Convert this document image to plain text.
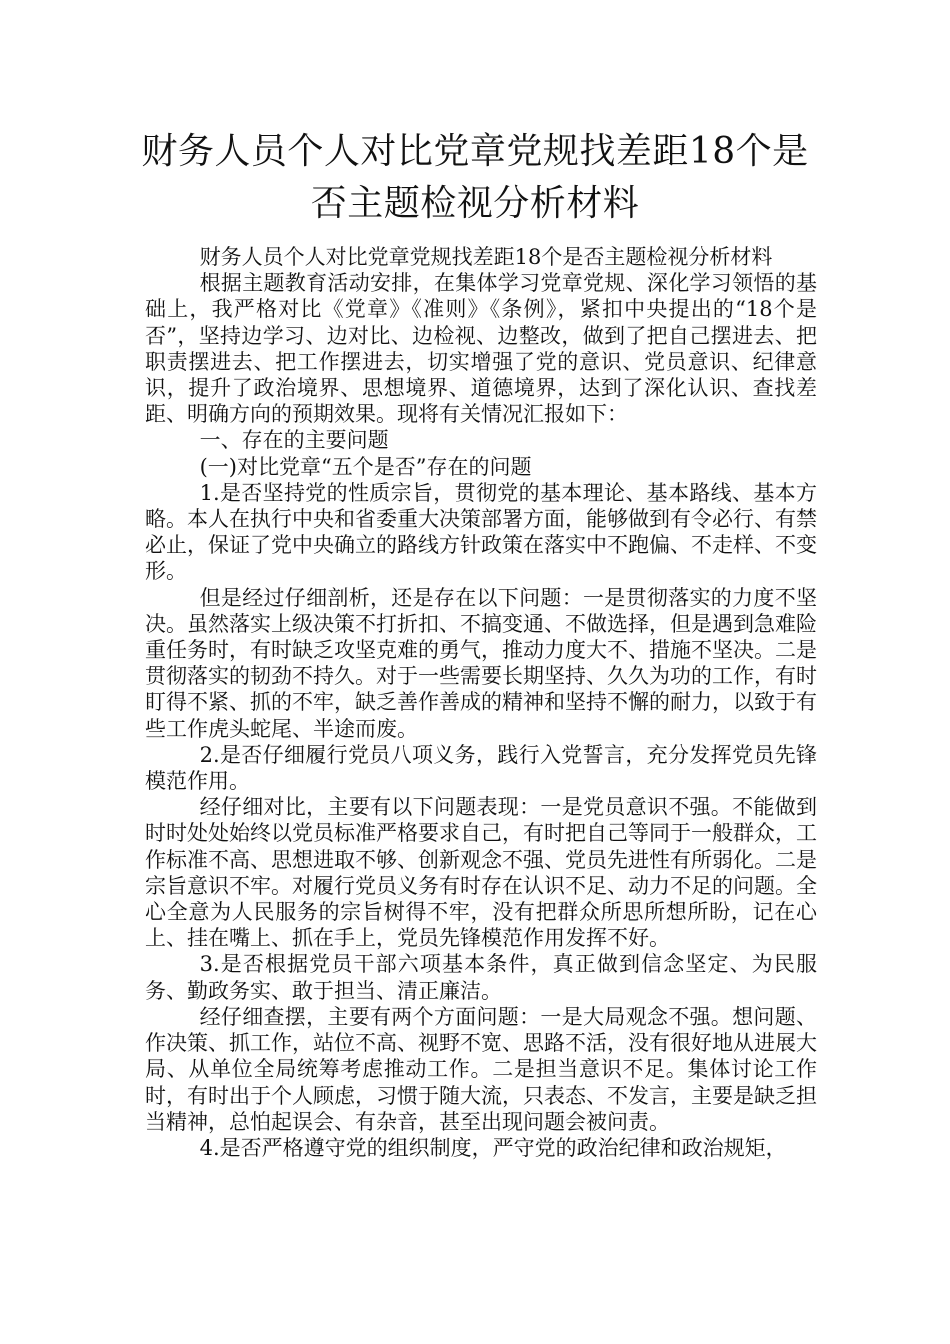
财务人员个人对比党章党规找差距18个是
否主题检视分析材料

财务人员个人对比党章党规找差距18个是否主题检视分析材料

根据主题教育活动安排，在集体学习党章党规、深化学习领悟的基础上，我严格对比《党章》《准则》《条例》，紧扣中央提出的“18个是否”，坚持边学习、边对比、边检视、边整改，做到了把自己摆进去、把职责摆进去、把工作摆进去，切实增强了党的意识、党员意识、纪律意识，提升了政治境界、思想境界、道德境界，达到了深化认识、查找差距、明确方向的预期效果。现将有关情况汇报如下：

一、存在的主要问题

(一)对比党章“五个是否”存在的问题

1.是否坚持党的性质宗旨，贯彻党的基本理论、基本路线、基本方略。本人在执行中央和省委重大决策部署方面，能够做到有令必行、有禁必止，保证了党中央确立的路线方针政策在落实中不跑偏、不走样、不变形。

但是经过仔细剖析，还是存在以下问题：一是贯彻落实的力度不坚决。虽然落实上级决策不打折扣、不搞变通、不做选择，但是遇到急难险重任务时，有时缺乏攻坚克难的勇气，推动力度大不、措施不坚决。二是贯彻落实的韧劲不持久。对于一些需要长期坚持、久久为功的工作，有时盯得不紧、抓的不牢，缺乏善作善成的精神和坚持不懈的耐力，以致于有些工作虎头蛇尾、半途而废。

2.是否仔细履行党员八项义务，践行入党誓言，充分发挥党员先锋模范作用。

经仔细对比，主要有以下问题表现：一是党员意识不强。不能做到时时处处始终以党员标准严格要求自己，有时把自己等同于一般群众，工作标准不高、思想进取不够、创新观念不强、党员先进性有所弱化。二是宗旨意识不牢。对履行党员义务有时存在认识不足、动力不足的问题。全心全意为人民服务的宗旨树得不牢，没有把群众所思所想所盼，记在心上、挂在嘴上、抓在手上，党员先锋模范作用发挥不好。

3.是否根据党员干部六项基本条件，真正做到信念坚定、为民服务、勤政务实、敢于担当、清正廉洁。

经仔细查摆，主要有两个方面问题：一是大局观念不强。想问题、作决策、抓工作，站位不高、视野不宽、思路不活，没有很好地从进展大局、从单位全局统筹考虑推动工作。二是担当意识不足。集体讨论工作时，有时出于个人顾虑，习惯于随大流，只表态、不发言，主要是缺乏担当精神，总怕起误会、有杂音，甚至出现问题会被问责。

4.是否严格遵守党的组织制度，严守党的政治纪律和政治规矩，
